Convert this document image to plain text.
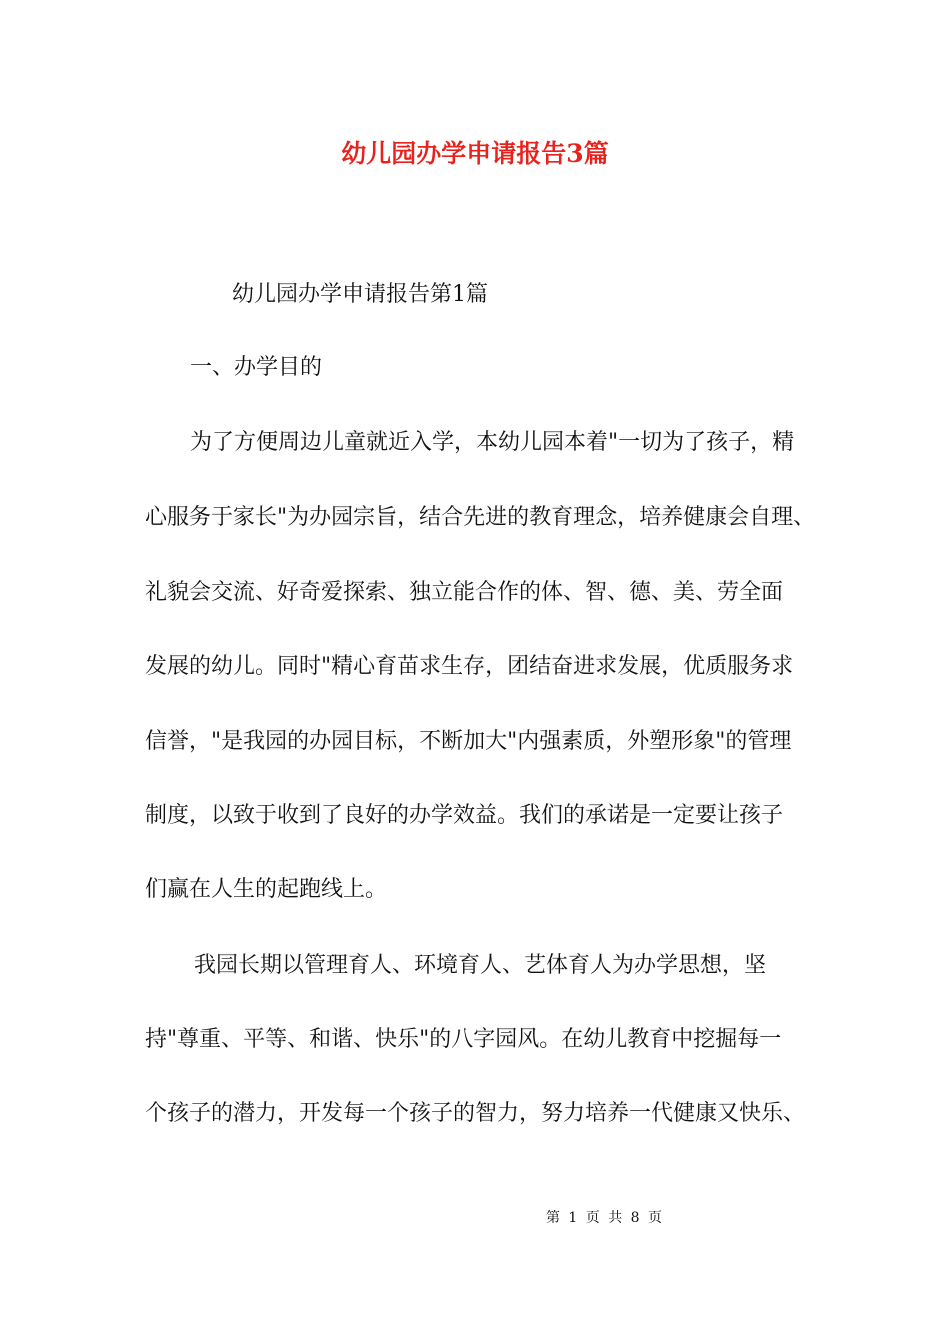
幼儿园办学申请报告3篇
幼儿园办学申请报告第1篇
一、办学目的
为了方便周边儿童就近入学，本幼儿园本着"一切为了孩子，精
心服务于家长"为办园宗旨，结合先进的教育理念，培养健康会自理、
礼貌会交流、好奇爱探索、独立能合作的体、智、德、美、劳全面
发展的幼儿。同时"精心育苗求生存，团结奋进求发展，优质服务求
信誉，"是我园的办园目标，不断加大"内强素质，外塑形象"的管理
制度，以致于收到了良好的办学效益。我们的承诺是一定要让孩子
们赢在人生的起跑线上。
我园长期以管理育人、环境育人、艺体育人为办学思想，坚
持"尊重、平等、和谐、快乐"的八字园风。在幼儿教育中挖掘每一
个孩子的潜力，开发每一个孩子的智力，努力培养一代健康又快乐、
第 1 页 共 8 页
